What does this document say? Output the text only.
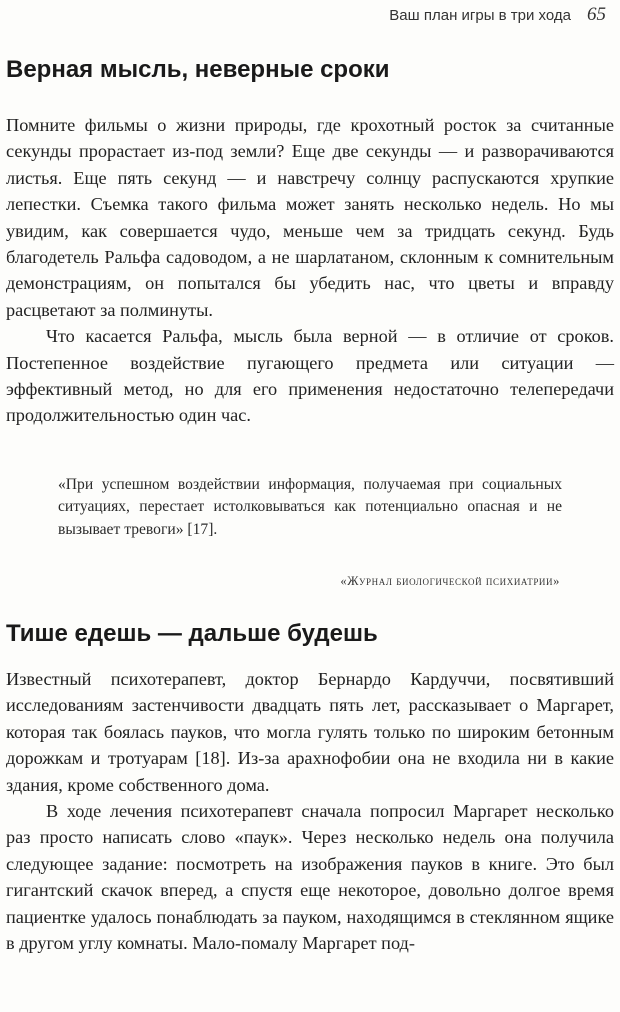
Ваш план игры в три хода 65
Верная мысль, неверные сроки

Помните фильмы о жизни природы, где крохотный росток за считанные секунды прорастает из-под земли? Еще две секунды — и разворачиваются листья. Еще пять секунд — и навстречу солнцу распускаются хрупкие лепестки. Съемка такого фильма может занять несколько недель. Но мы увидим, как совершается чудо, меньше чем за тридцать секунд. Будь благодетель Ральфа садоводом, а не шарлатаном, склонным к сомнительным демонстрациям, он попытался бы убедить нас, что цветы и вправду расцветают за полминуты.

Что касается Ральфа, мысль была верной — в отличие от сроков. Постепенное воздействие пугающего предмета или ситуации — эффективный метод, но для его применения недостаточно телепередачи продолжительностью один час.

«При успешном воздействии информация, получаемая при социальных ситуациях, перестает истолковываться как потенциально опасная и не вызывает тревоги» [17].

«Журнал биологической психиатрии»
Тише едешь — дальше будешь

Известный психотерапевт, доктор Бернардо Кардуччи, посвятивший исследованиям застенчивости двадцать пять лет, рассказывает о Маргарет, которая так боялась пауков, что могла гулять только по широким бетонным дорожкам и тротуарам [18]. Из-за арахнофобии она не входила ни в какие здания, кроме собственного дома.

В ходе лечения психотерапевт сначала попросил Маргарет несколько раз просто написать слово «паук». Через несколько недель она получила следующее задание: посмотреть на изображения пауков в книге. Это был гигантский скачок вперед, а спустя еще некоторое, довольно долгое время пациентке удалось понаблюдать за пауком, находящимся в стеклянном ящике в другом углу комнаты. Мало-помалу Маргарет под-
